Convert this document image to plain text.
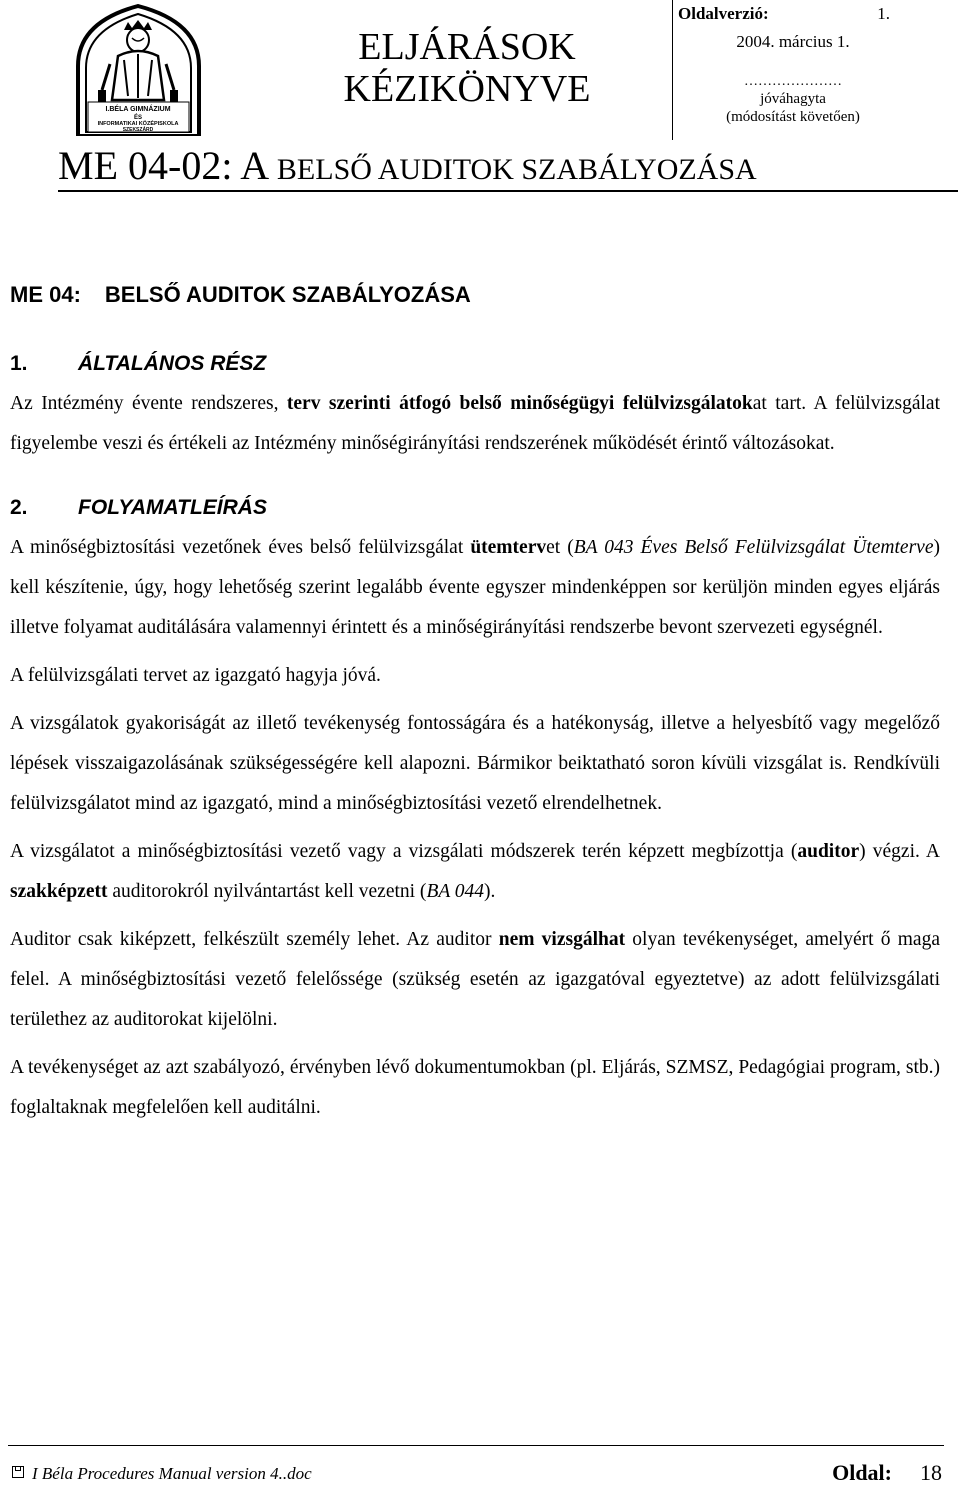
I.BÉLA GIMNÁZIUM
ÉS
INFORMATIKAI KÖZÉPISKOLA
SZEKSZÁRD
ELJÁRÁSOK
KÉZIKÖNYVE
Oldalverzió:	1.
2004. március 1.
…………………
jóváhagyta
(módosítást követően)
ME 04-02: A BELSŐ AUDITOK SZABÁLYOZÁSA
ME 04: BELSŐ AUDITOK SZABÁLYOZÁSA
1. ÁLTALÁNOS RÉSZ

Az Intézmény évente rendszeres, terv szerinti átfogó belső minőségügyi felülvizsgálatokat tart. A felülvizsgálat figyelembe veszi és értékeli az Intézmény minőségirányítási rendszerének működését érintő változásokat.

2. FOLYAMATLEÍRÁS

A minőségbiztosítási vezetőnek éves belső felülvizsgálat ütemtervet (BA 043 Éves Belső Felülvizsgálat Ütemterve) kell készítenie, úgy, hogy lehetőség szerint legalább évente egyszer mindenképpen sor kerüljön minden egyes eljárás illetve folyamat auditálására valamennyi érintett és a minőségirányítási rendszerbe bevont szervezeti egységnél.

A felülvizsgálati tervet az igazgató hagyja jóvá.

A vizsgálatok gyakoriságát az illető tevékenység fontosságára és a hatékonyság, illetve a helyesbítő vagy megelőző lépések visszaigazolásának szükségességére kell alapozni. Bármikor beiktatható soron kívüli vizsgálat is. Rendkívüli felülvizsgálatot mind az igazgató, mind a minőségbiztosítási vezető elrendelhetnek.

A vizsgálatot a minőségbiztosítási vezető vagy a vizsgálati módszerek terén képzett megbízottja (auditor) végzi. A szakképzett auditorokról nyilvántartást kell vezetni (BA 044).

Auditor csak kiképzett, felkészült személy lehet. Az auditor nem vizsgálhat olyan tevékenységet, amelyért ő maga felel. A minőségbiztosítási vezető felelőssége (szükség esetén az igazgatóval egyeztetve) az adott felülvizsgálati területhez az auditorokat kijelölni.

A tevékenységet az azt szabályozó, érvényben lévő dokumentumokban (pl. Eljárás, SZMSZ, Pedagógiai program, stb.) foglaltaknak megfelelően kell auditálni.

I Béla Procedures Manual version 4..doc	Oldal: 18
